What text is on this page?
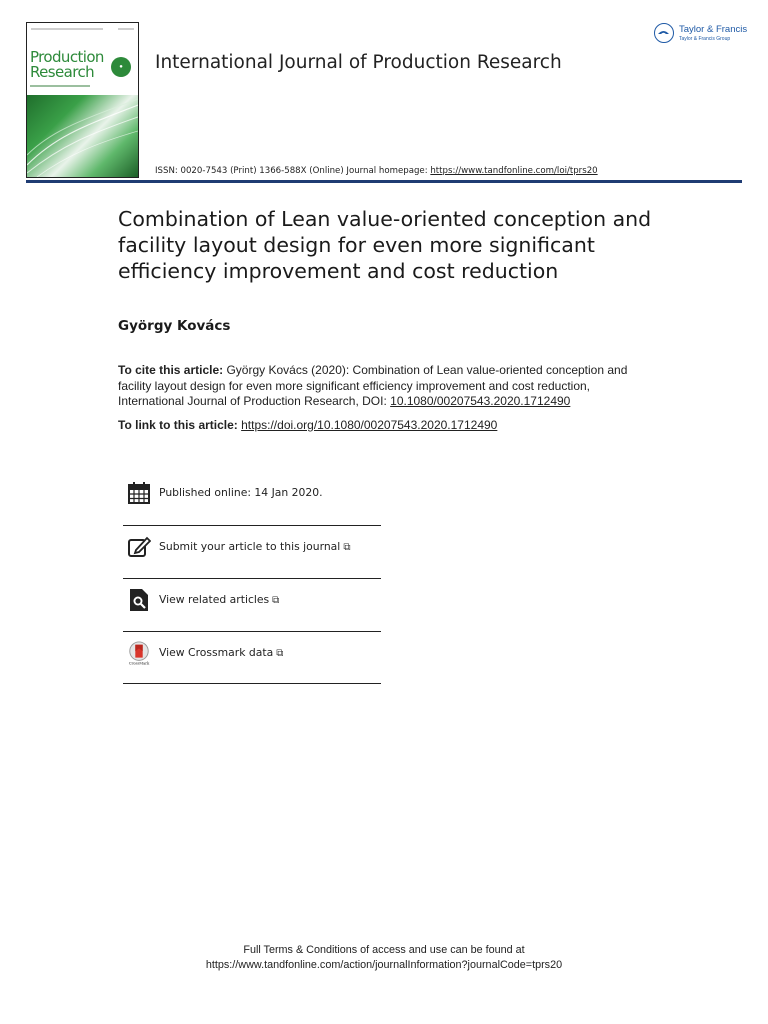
Production
Research	●	International Journal of Production Research
Taylor & Francis
Taylor & Francis Group
ISSN: 0020-7543 (Print) 1366-588X (Online) Journal homepage: https://www.tandfonline.com/loi/tprs20
Combination of Lean value-oriented conception and facility layout design for even more significant efficiency improvement and cost reduction
György Kovács
To cite this article: György Kovács (2020): Combination of Lean value-oriented conception and facility layout design for even more significant efficiency improvement and cost reduction, International Journal of Production Research, DOI: 10.1080/00207543.2020.1712490
To link to this article: https://doi.org/10.1080/00207543.2020.1712490
Published online: 14 Jan 2020.
Submit your article to this journal ⧉
View related articles ⧉
CrossMark
View Crossmark data ⧉
Full Terms & Conditions of access and use can be found at
https://www.tandfonline.com/action/journalInformation?journalCode=tprs20
